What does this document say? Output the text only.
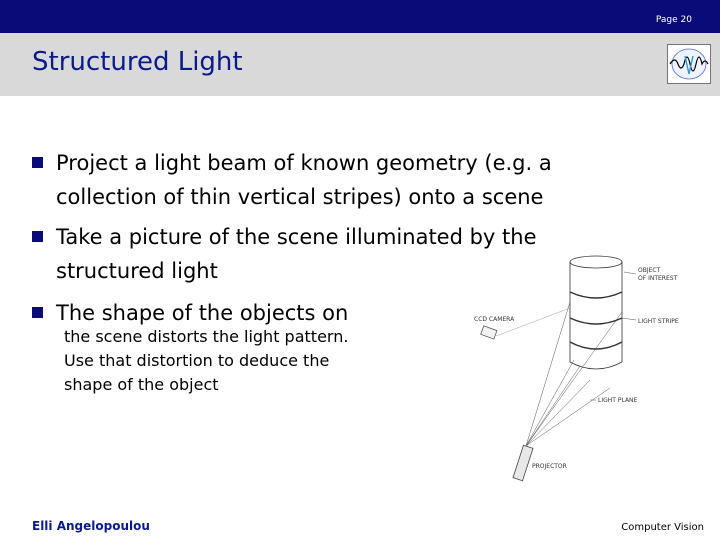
Page 20
Structured Light
Project a light beam of known geometry (e.g. a
collection of thin vertical stripes) onto a scene
Take a picture of the scene illuminated by the
structured light
The shape of the objects on
the scene distorts the light pattern.
Use that distortion to deduce the
shape of the object
OBJECT
OF INTEREST
CCD CAMERA	LIGHT STRIPE
LIGHT PLANE
PROJECTOR
Elli Angelopoulou	Computer Vision
